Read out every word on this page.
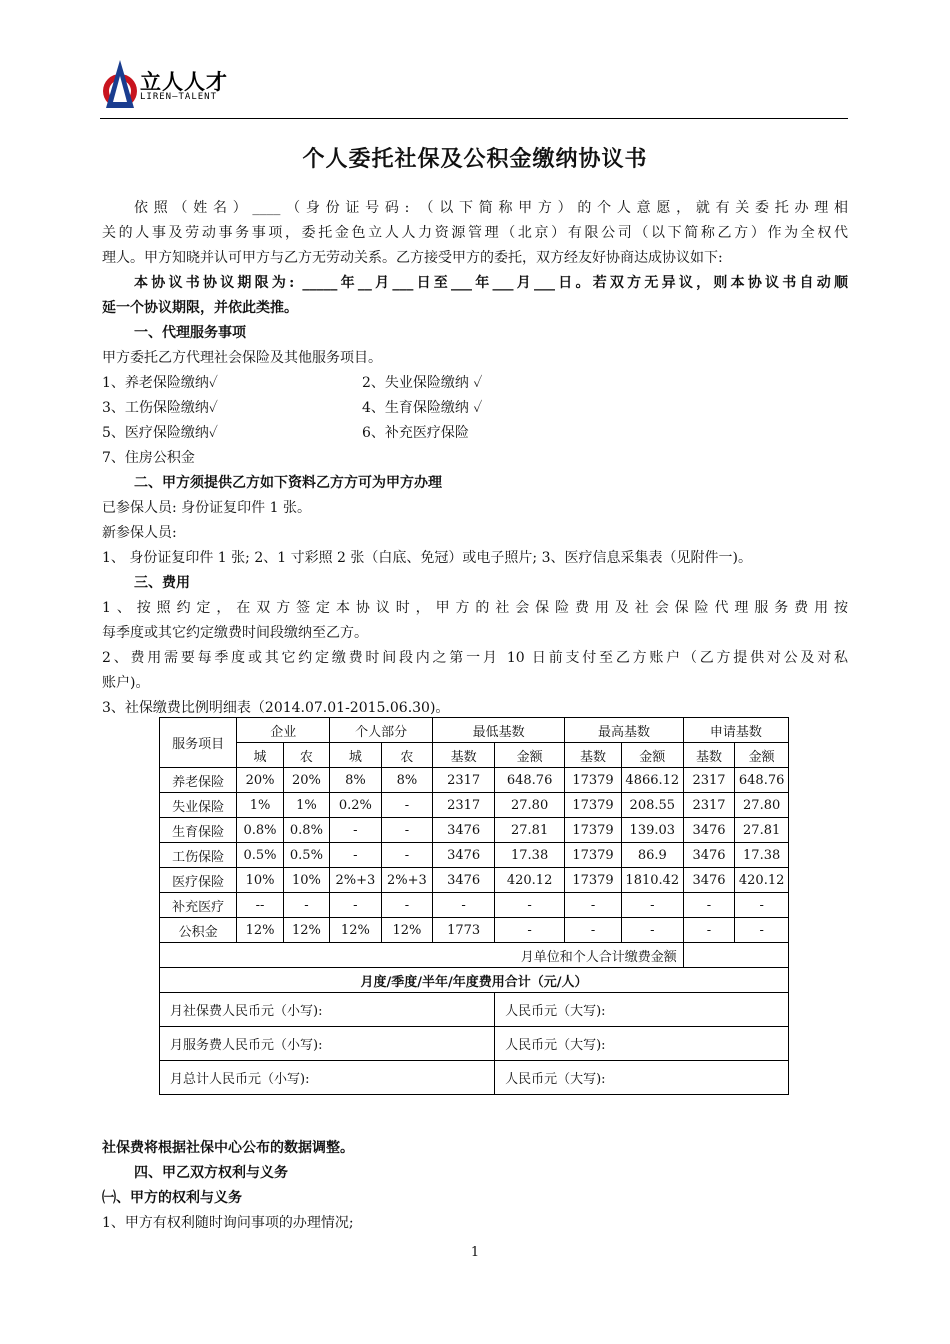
立人人才
LIREN—TALENT
个人委托社保及公积金缴纳协议书
依照（姓名）____（身份证号码: （以下简称甲方）的个人意愿，就有关委托办理相
关的人事及劳动事务事项，委托金色立人人力资源管理（北京）有限公司（以下简称乙方）作为全权代
理人。甲方知晓并认可甲方与乙方无劳动关系。乙方接受甲方的委托，双方经友好协商达成协议如下:
本协议书协议期限为: _____年__月___日至___年___月___日。若双方无异议，则本协议书自动顺
延一个协议期限，并依此类推。
一、代理服务事项
甲方委托乙方代理社会保险及其他服务项目。
1、养老保险缴纳✓	2、失业保险缴纳 ✓
3、工伤保险缴纳✓	4、生育保险缴纳 ✓
5、医疗保险缴纳✓	6、补充医疗保险
7、住房公积金
二、甲方须提供乙方如下资料乙方方可为甲方办理
已参保人员: 身份证复印件 1 张。
新参保人员:
1、 身份证复印件 1 张; 2、1 寸彩照 2 张（白底、免冠）或电子照片; 3、医疗信息采集表（见附件一)。
三、费用
1、按照约定，在双方签定本协议时，甲方的社会保险费用及社会保险代理服务费用按
每季度或其它约定缴费时间段缴纳至乙方。
2、费用需要每季度或其它约定缴费时间段内之第一月 10 日前支付至乙方账户（乙方提供对公及对私
账户)。
3、社保缴费比例明细表（2014.07.01-2015.06.30)。
服务项目	企业		个人部分		最低基数		最高基数		申请基数	
	城	农	城	农	基数	金额	基数	金额	基数	金额
养老保险	20%	20%	8%	8%	2317	648.76	17379	4866.12	2317	648.76
失业保险	1%	1%	0.2%	-	2317	27.80	17379	208.55	2317	27.80
生育保险	0.8%	0.8%	-	-	3476	27.81	17379	139.03	3476	27.81
工伤保险	0.5%	0.5%	-	-	3476	17.38	17379	86.9	3476	17.38
医疗保险	10%	10%	2%+3	2%+3	3476	420.12	17379	1810.42	3476	420.12
补充医疗	--	-	-	-	-	-	-	-	-	-
公积金	12%	12%	12%	12%	1773	-	-	-	-	-
月单位和个人合计缴费金额										
月度/季度/半年/年度费用合计（元/人）										
月社保费人民币元（小写):						人民币元（大写):				
月服务费人民币元（小写):						人民币元（大写):				
月总计人民币元（小写):						人民币元（大写):				
社保费将根据社保中心公布的数据调整。
四、甲乙双方权利与义务
㈠、甲方的权利与义务
1、甲方有权利随时询问事项的办理情况;
1
